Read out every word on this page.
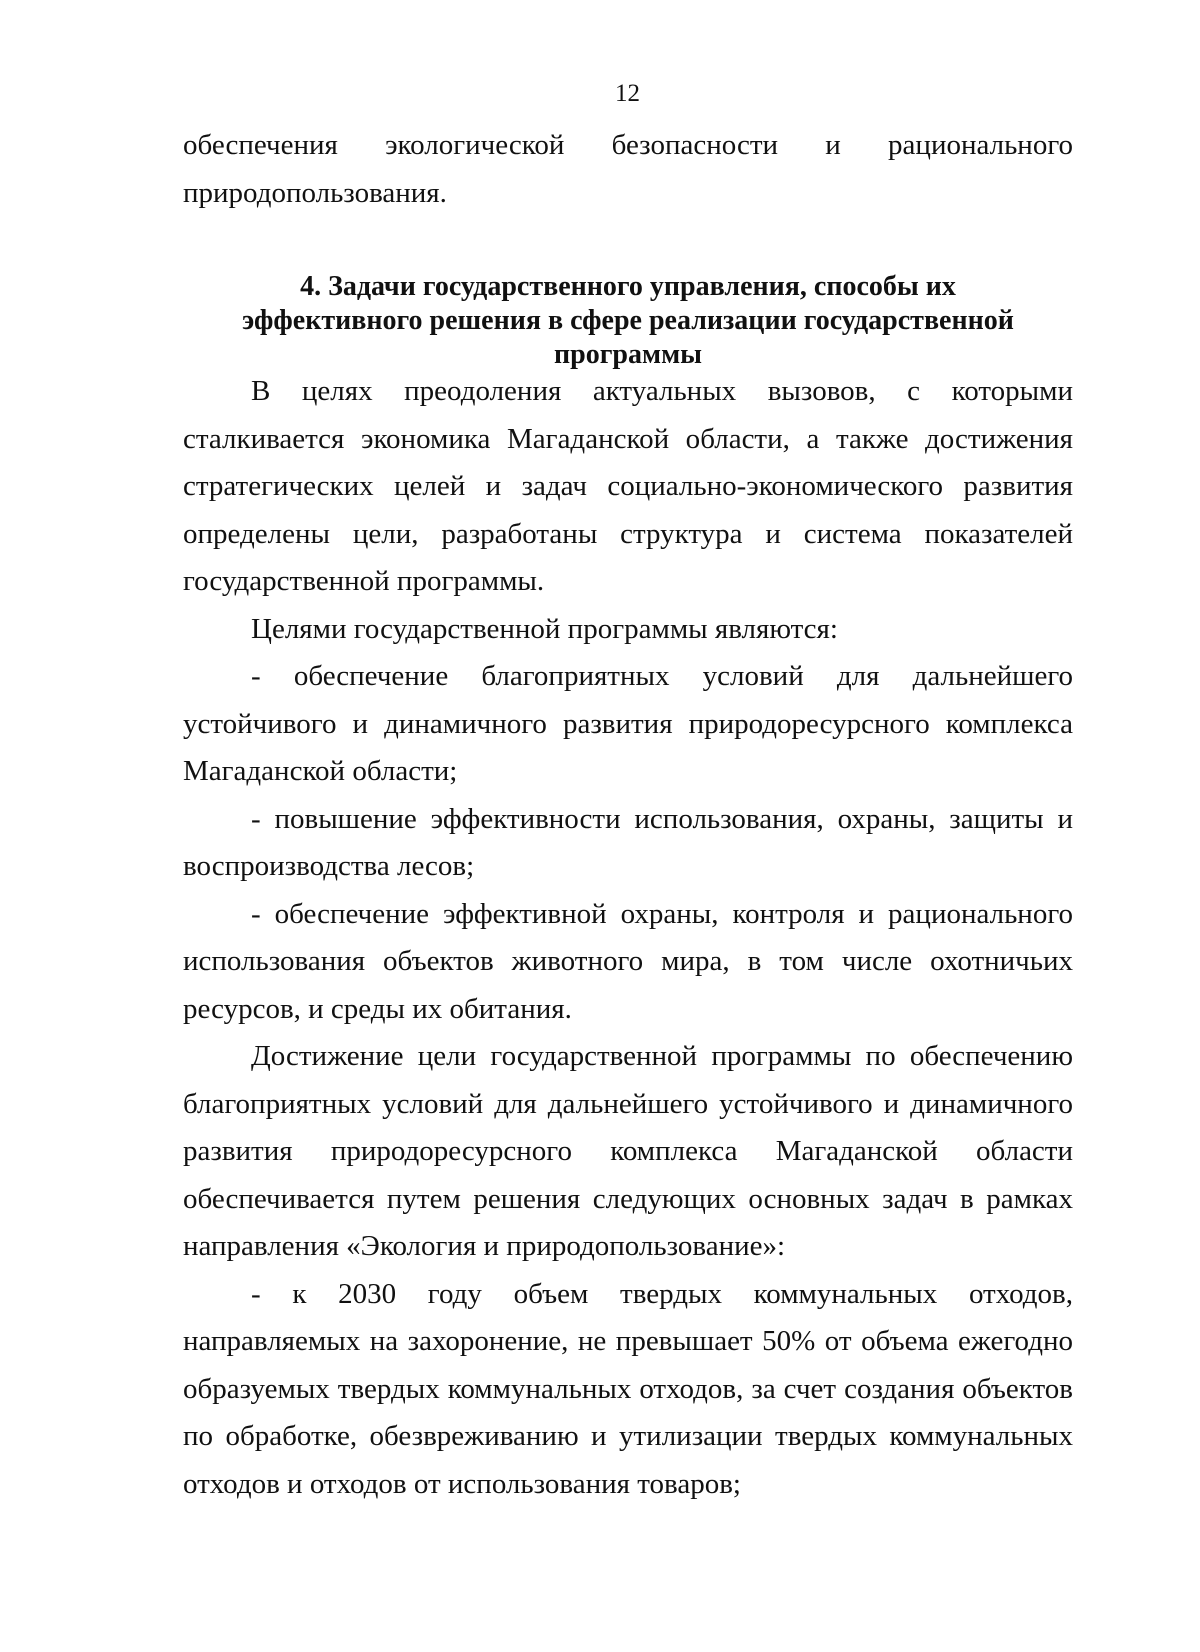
12

обеспечения экологической безопасности и рационального

природопользования.

4. Задачи государственного управления, способы их
эффективного решения в сфере реализации государственной
программы

В целях преодоления актуальных вызовов, с которыми сталкивается экономика Магаданской области, а также достижения стратегических целей и задач социально-экономического развития определены цели, разработаны структура и система показателей государственной программы.

Целями государственной программы являются:

- обеспечение благоприятных условий для дальнейшего устойчивого и динамичного развития природоресурсного комплекса Магаданской области;

- повышение эффективности использования, охраны, защиты и воспроизводства лесов;

- обеспечение эффективной охраны, контроля и рационального использования объектов животного мира, в том числе охотничьих ресурсов, и среды их обитания.

Достижение цели государственной программы по обеспечению благоприятных условий для дальнейшего устойчивого и динамичного развития природоресурсного комплекса Магаданской области обеспечивается путем решения следующих основных задач в рамках направления «Экология и природопользование»:

- к 2030 году объем твердых коммунальных отходов, направляемых на захоронение, не превышает 50% от объема ежегодно образуемых твердых коммунальных отходов, за счет создания объектов по обработке, обезвреживанию и утилизации твердых коммунальных отходов и отходов от использования товаров;
